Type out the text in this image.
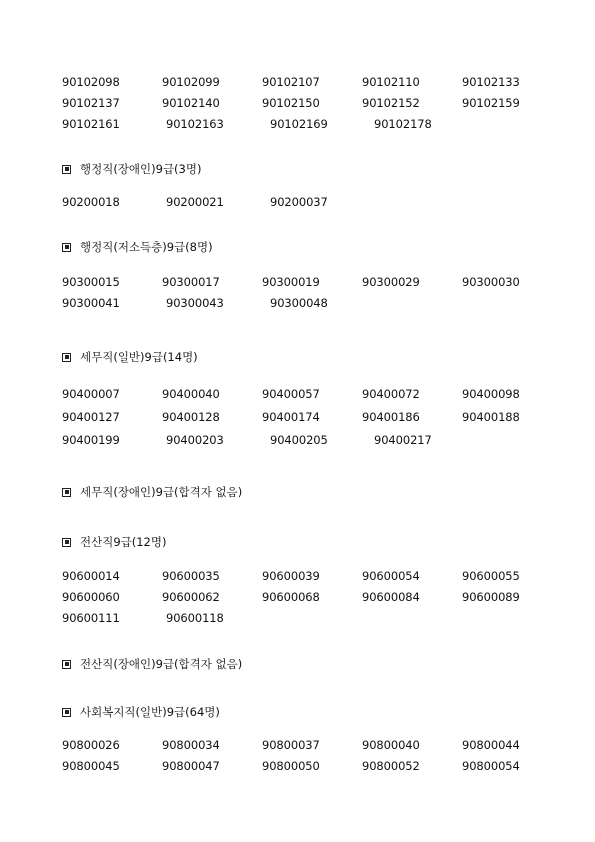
90102098	90102099	90102107	90102110	90102133
90102137	90102140	90102150	90102152	90102159
90102161	90102163	90102169	90102178
행정직(장애인)9급(3명)
90200018	90200021	90200037
행정직(저소득층)9급(8명)
90300015	90300017	90300019	90300029	90300030
90300041	90300043	90300048
세무직(일반)9급(14명)
90400007	90400040	90400057	90400072	90400098
90400127	90400128	90400174	90400186	90400188
90400199	90400203	90400205	90400217
세무직(장애인)9급(합격자 없음)
전산직9급(12명)
90600014	90600035	90600039	90600054	90600055
90600060	90600062	90600068	90600084	90600089
90600111	90600118
전산직(장애인)9급(합격자 없음)
사회복지직(일반)9급(64명)
90800026	90800034	90800037	90800040	90800044
90800045	90800047	90800050	90800052	90800054
